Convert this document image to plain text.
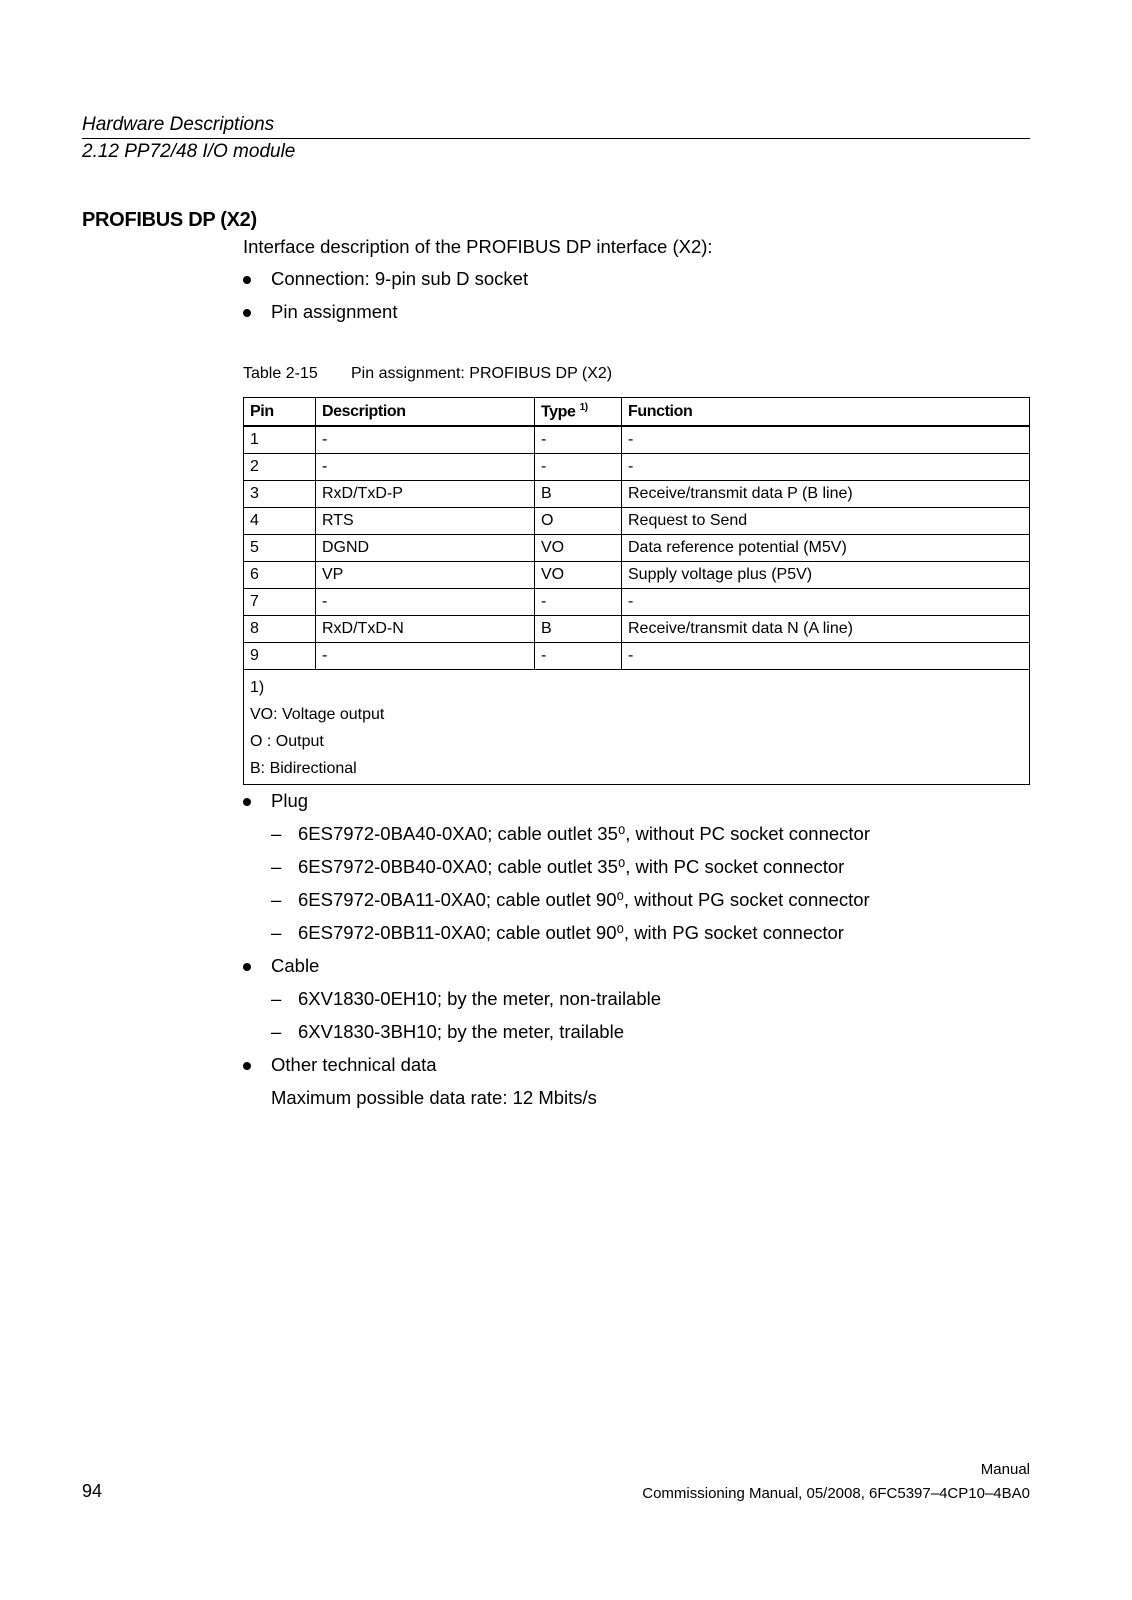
Hardware Descriptions
2.12 PP72/48 I/O module
PROFIBUS DP (X2)
Interface description of the PROFIBUS DP interface (X2):
Connection: 9-pin sub D socket
Pin assignment
Table 2-15 Pin assignment: PROFIBUS DP (X2)
Pin	Description	Type $^{1)}$	Function
1	-	-	-
2	-	-	-
3	RxD/TxD-P	B	Receive/transmit data P (B line)
4	RTS	O	Request to Send
5	DGND	VO	Data reference potential (M5V)
6	VP	VO	Supply voltage plus (P5V)
7	-	-	-
8	RxD/TxD-N	B	Receive/transmit data N (A line)
9	-	-	-

1)
VO: Voltage output
O : Output
B: Bidirectional			
Plug
– 6ES7972-0BA40-0XA0; cable outlet 35⁰, without PC socket connector
– 6ES7972-0BB40-0XA0; cable outlet 35⁰, with PC socket connector
– 6ES7972-0BA11-0XA0; cable outlet 90⁰, without PG socket connector
– 6ES7972-0BB11-0XA0; cable outlet 90⁰, with PG socket connector
Cable
– 6XV1830-0EH10; by the meter, non-trailable
– 6XV1830-3BH10; by the meter, trailable
Other technical data
Maximum possible data rate: 12 Mbits/s
94
Manual
Commissioning Manual, 05/2008, 6FC5397–4CP10–4BA0
